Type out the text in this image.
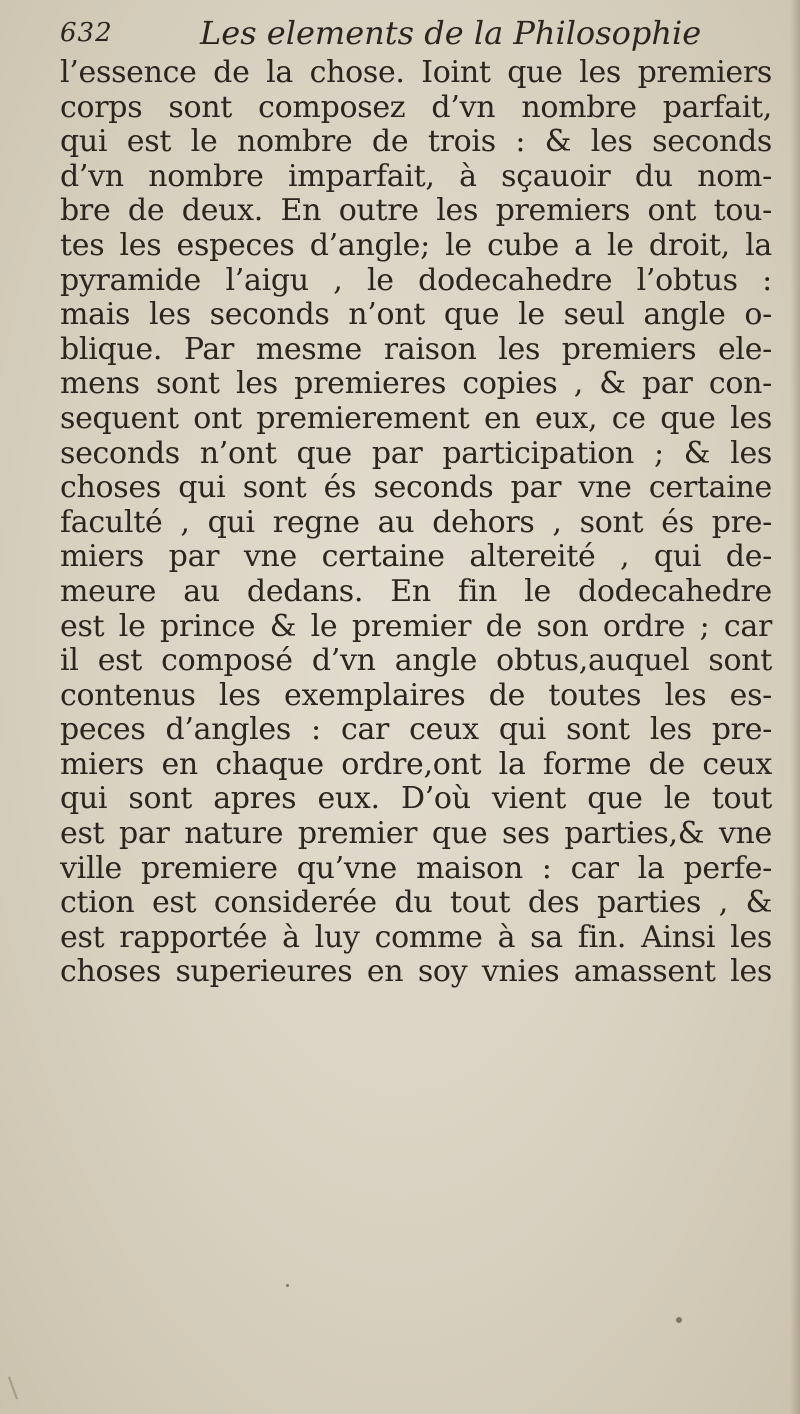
632	Les elements de la Philosophie
l’essence de la chose. Ioint que les premiers
corps sont composez d’vn nombre parfait,
qui est le nombre de trois : & les seconds
d’vn nombre imparfait, à sçauoir du nom-
bre de deux. En outre les premiers ont tou-
tes les especes d’angle; le cube a le droit, la
pyramide l’aigu , le dodecahedre l’obtus :
mais les seconds n’ont que le seul angle o-
blique. Par mesme raison les premiers ele-
mens sont les premieres copies , & par con-
sequent ont premierement en eux, ce que les
seconds n’ont que par participation ; & les
choses qui sont és seconds par vne certaine
faculté , qui regne au dehors , sont és pre-
miers par vne certaine altereité , qui de-
meure au dedans. En fin le dodecahedre
est le prince & le premier de son ordre ; car
il est composé d’vn angle obtus,auquel sont
contenus les exemplaires de toutes les es-
peces d’angles : car ceux qui sont les pre-
miers en chaque ordre,ont la forme de ceux
qui sont apres eux. D’où vient que le tout
est par nature premier que ses parties,& vne
ville premiere qu’vne maison : car la perfe-
ction est considerée du tout des parties , &
est rapportée à luy comme à sa fin. Ainsi les
choses superieures en soy vnies amassent les
